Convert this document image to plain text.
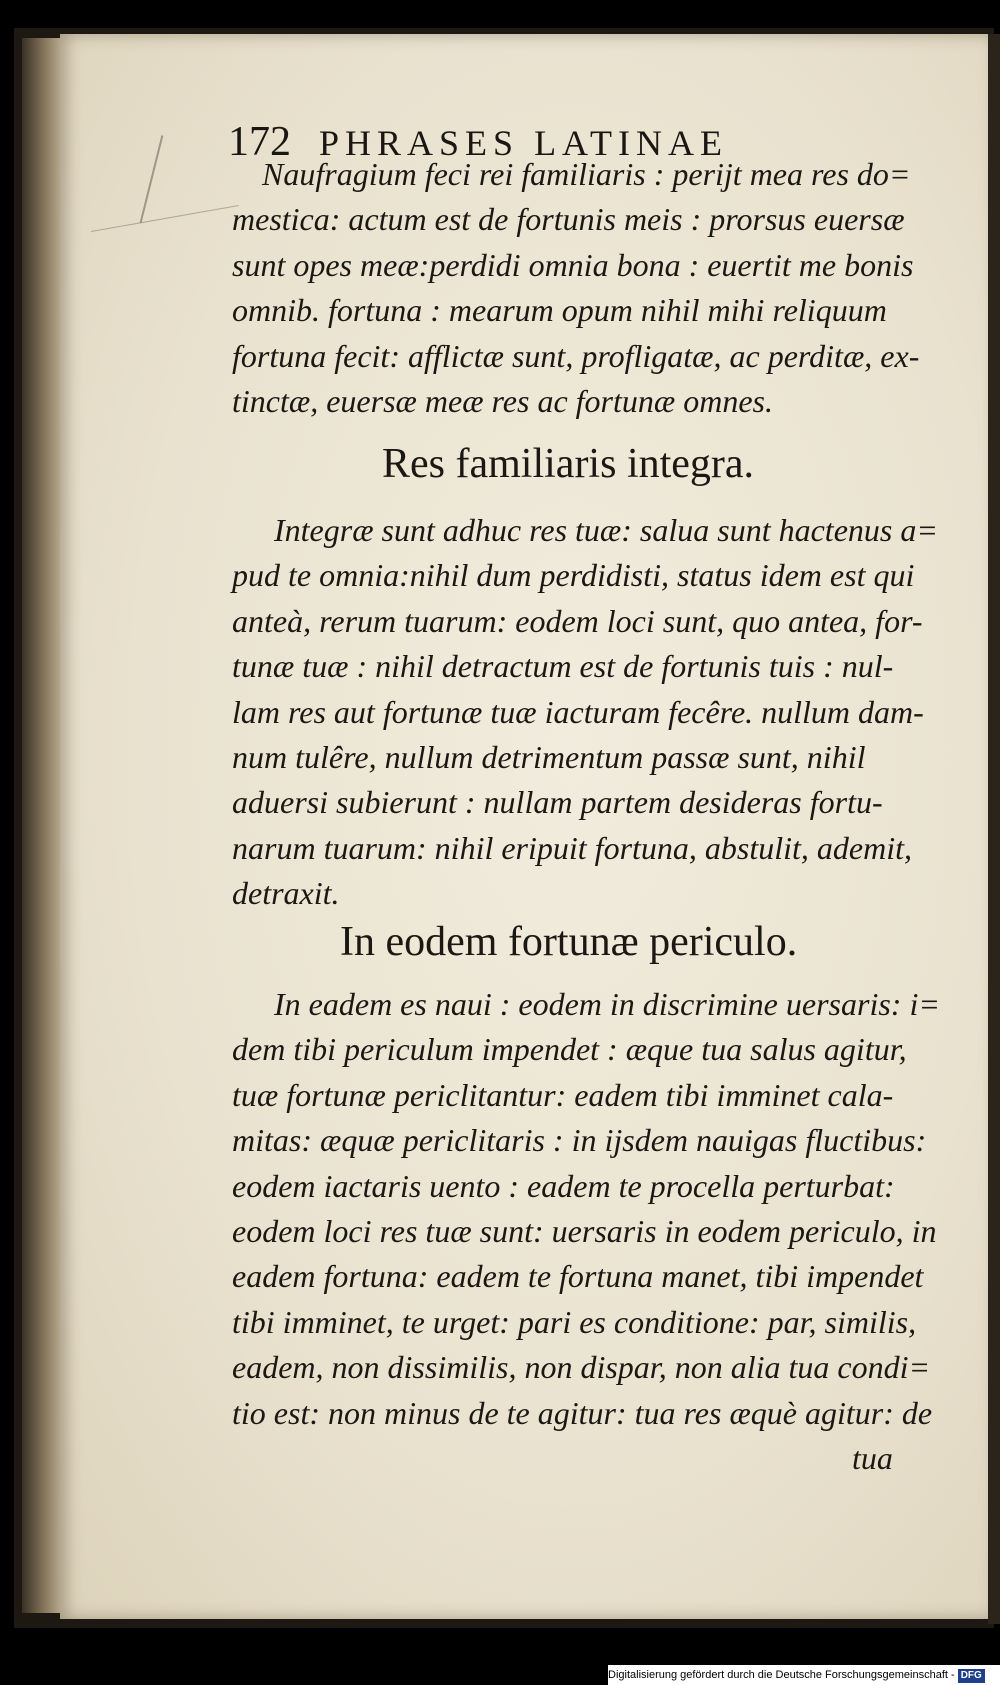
172 PHRASES LATINAE
Naufragium feci rei familiaris : perijt mea res do=
mestica: actum est de fortunis meis : prorsus euersæ
sunt opes meæ:perdidi omnia bona : euertit me bonis
omnib. fortuna : mearum opum nihil mihi reliquum
fortuna fecit: afflictæ sunt, profligatæ, ac perditæ, ex-
tinctæ, euersæ meæ res ac fortunæ omnes.
Res familiaris integra.
Integræ sunt adhuc res tuæ: salua sunt hactenus a=
pud te omnia:nihil dum perdidisti, status idem est qui
anteà, rerum tuarum: eodem loci sunt, quo antea, for-
tunæ tuæ : nihil detractum est de fortunis tuis : nul-
lam res aut fortunæ tuæ iacturam fecêre. nullum dam-
num tulêre, nullum detrimentum passæ sunt, nihil
aduersi subierunt : nullam partem desideras fortu-
narum tuarum: nihil eripuit fortuna, abstulit, ademit,
detraxit.
In eodem fortunæ periculo.
In eadem es naui : eodem in discrimine uersaris: i=
dem tibi periculum impendet : æque tua salus agitur,
tuæ fortunæ periclitantur: eadem tibi imminet cala-
mitas: æquæ periclitaris : in ijsdem nauigas fluctibus:
eodem iactaris uento : eadem te procella perturbat:
eodem loci res tuæ sunt: uersaris in eodem periculo, in
eadem fortuna: eadem te fortuna manet, tibi impendet
tibi imminet, te urget: pari es conditione: par, similis,
eadem, non dissimilis, non dispar, non alia tua condi=
tio est: non minus de te agitur: tua res æquè agitur: de
tua
Digitalisierung gefördert durch die Deutsche Forschungsgemeinschaft - DFG
